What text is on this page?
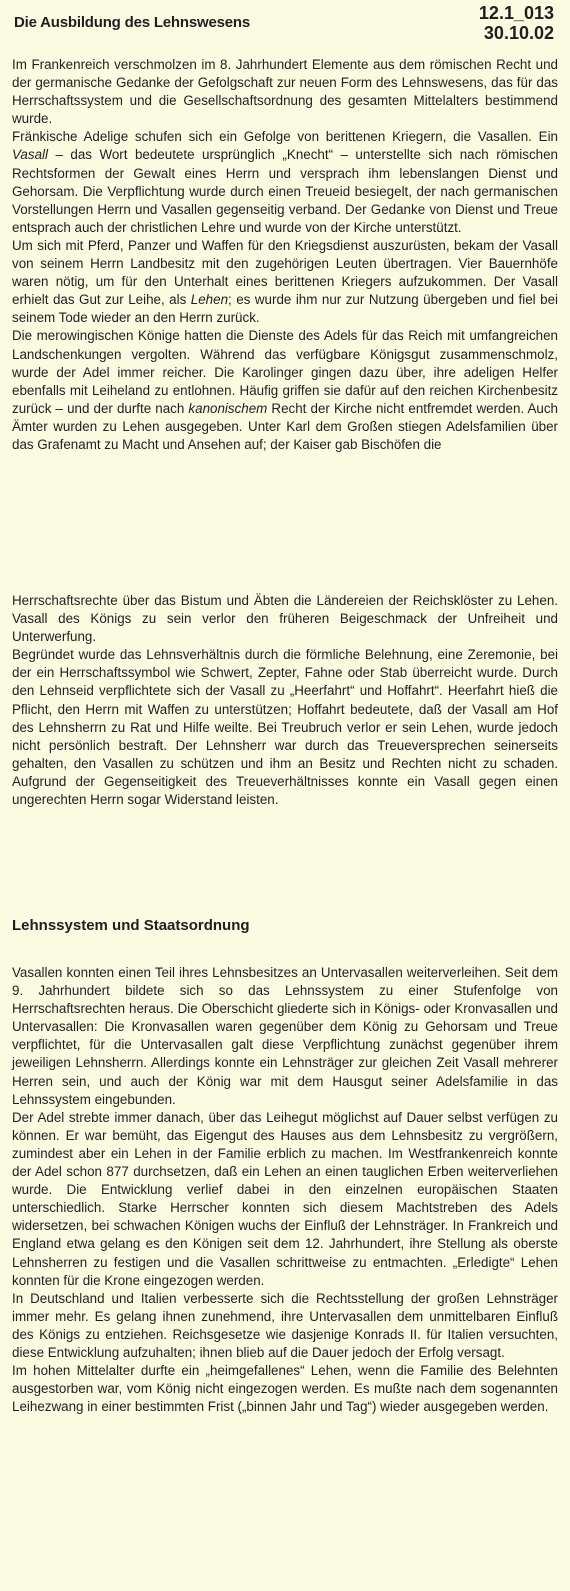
Die Ausbildung des Lehnswesens	12.1_013
30.10.02

Im Frankenreich verschmolzen im 8. Jahrhundert Elemente aus dem römischen Recht und der germanische Gedanke der Gefolgschaft zur neuen Form des Lehnswesens, das für das Herrschaftssystem und die Gesellschaftsordnung des gesamten Mittelalters bestimmend wurde.

Fränkische Adelige schufen sich ein Gefolge von berittenen Kriegern, die Vasallen. Ein Vasall – das Wort bedeutete ursprünglich „Knecht“ – unterstellte sich nach römischen Rechtsformen der Gewalt eines Herrn und versprach ihm lebenslangen Dienst und Gehorsam. Die Verpflichtung wurde durch einen Treueid besiegelt, der nach germanischen Vorstellungen Herrn und Vasallen gegenseitig verband. Der Gedanke von Dienst und Treue entsprach auch der christlichen Lehre und wurde von der Kirche unterstützt.

Um sich mit Pferd, Panzer und Waffen für den Kriegsdienst auszurüsten, bekam der Vasall von seinem Herrn Landbesitz mit den zugehörigen Leuten übertragen. Vier Bauernhöfe waren nötig, um für den Unterhalt eines berittenen Kriegers aufzukommen. Der Vasall erhielt das Gut zur Leihe, als Lehen; es wurde ihm nur zur Nutzung übergeben und fiel bei seinem Tode wieder an den Herrn zurück.

Die merowingischen Könige hatten die Dienste des Adels für das Reich mit umfangreichen Landschenkungen vergolten. Während das verfügbare Königsgut zusammenschmolz, wurde der Adel immer reicher. Die Karolinger gingen dazu über, ihre adeligen Helfer ebenfalls mit Leiheland zu entlohnen. Häufig griffen sie dafür auf den reichen Kirchenbesitz zurück – und der durfte nach kanonischem Recht der Kirche nicht entfremdet werden. Auch Ämter wurden zu Lehen ausgegeben. Unter Karl dem Großen stiegen Adelsfamilien über das Grafenamt zu Macht und Ansehen auf; der Kaiser gab Bischöfen die

Herrschaftsrechte über das Bistum und Äbten die Ländereien der Reichsklöster zu Lehen. Vasall des Königs zu sein verlor den früheren Beigeschmack der Unfreiheit und Unterwerfung.

Begründet wurde das Lehnsverhältnis durch die förmliche Belehnung, eine Zeremonie, bei der ein Herrschaftssymbol wie Schwert, Zepter, Fahne oder Stab überreicht wurde. Durch den Lehnseid verpflichtete sich der Vasall zu „Heerfahrt“ und Hoffahrt“. Heerfahrt hieß die Pflicht, den Herrn mit Waffen zu unterstützen; Hoffahrt bedeutete, daß der Vasall am Hof des Lehnsherrn zu Rat und Hilfe weilte. Bei Treubruch verlor er sein Lehen, wurde jedoch nicht persönlich bestraft. Der Lehnsherr war durch das Treueversprechen seinerseits gehalten, den Vasallen zu schützen und ihm an Besitz und Rechten nicht zu schaden. Aufgrund der Gegenseitigkeit des Treueverhältnisses konnte ein Vasall gegen einen ungerechten Herrn sogar Widerstand leisten.

Lehnssystem und Staatsordnung

Vasallen konnten einen Teil ihres Lehnsbesitzes an Untervasallen weiterverleihen. Seit dem 9. Jahrhundert bildete sich so das Lehnssystem zu einer Stufenfolge von Herrschaftsrechten heraus. Die Oberschicht gliederte sich in Königs- oder Kronvasallen und Untervasallen: Die Kronvasallen waren gegenüber dem König zu Gehorsam und Treue verpflichtet, für die Untervasallen galt diese Verpflichtung zunächst gegenüber ihrem jeweiligen Lehnsherrn. Allerdings konnte ein Lehnsträger zur gleichen Zeit Vasall mehrerer Herren sein, und auch der König war mit dem Hausgut seiner Adelsfamilie in das Lehnssystem eingebunden.

Der Adel strebte immer danach, über das Leihegut möglichst auf Dauer selbst verfügen zu können. Er war bemüht, das Eigengut des Hauses aus dem Lehnsbesitz zu vergrößern, zumindest aber ein Lehen in der Familie erblich zu machen. Im Westfrankenreich konnte der Adel schon 877 durchsetzen, daß ein Lehen an einen tauglichen Erben weiterverliehen wurde. Die Entwicklung verlief dabei in den einzelnen europäischen Staaten unterschiedlich. Starke Herrscher konnten sich diesem Machtstreben des Adels widersetzen, bei schwachen Königen wuchs der Einfluß der Lehnsträger. In Frankreich und England etwa gelang es den Königen seit dem 12. Jahrhundert, ihre Stellung als oberste Lehnsherren zu festigen und die Vasallen schrittweise zu entmachten. „Erledigte“ Lehen konnten für die Krone eingezogen werden.

In Deutschland und Italien verbesserte sich die Rechtsstellung der großen Lehnsträger immer mehr. Es gelang ihnen zunehmend, ihre Untervasallen dem unmittelbaren Einfluß des Königs zu entziehen. Reichsgesetze wie dasjenige Konrads II. für Italien versuchten, diese Entwicklung aufzuhalten; ihnen blieb auf die Dauer jedoch der Erfolg versagt.

Im hohen Mittelalter durfte ein „heimgefallenes“ Lehen, wenn die Familie des Belehnten ausgestorben war, vom König nicht eingezogen werden. Es mußte nach dem sogenannten Leihezwang in einer bestimmten Frist („binnen Jahr und Tag“) wieder ausgegeben werden.
